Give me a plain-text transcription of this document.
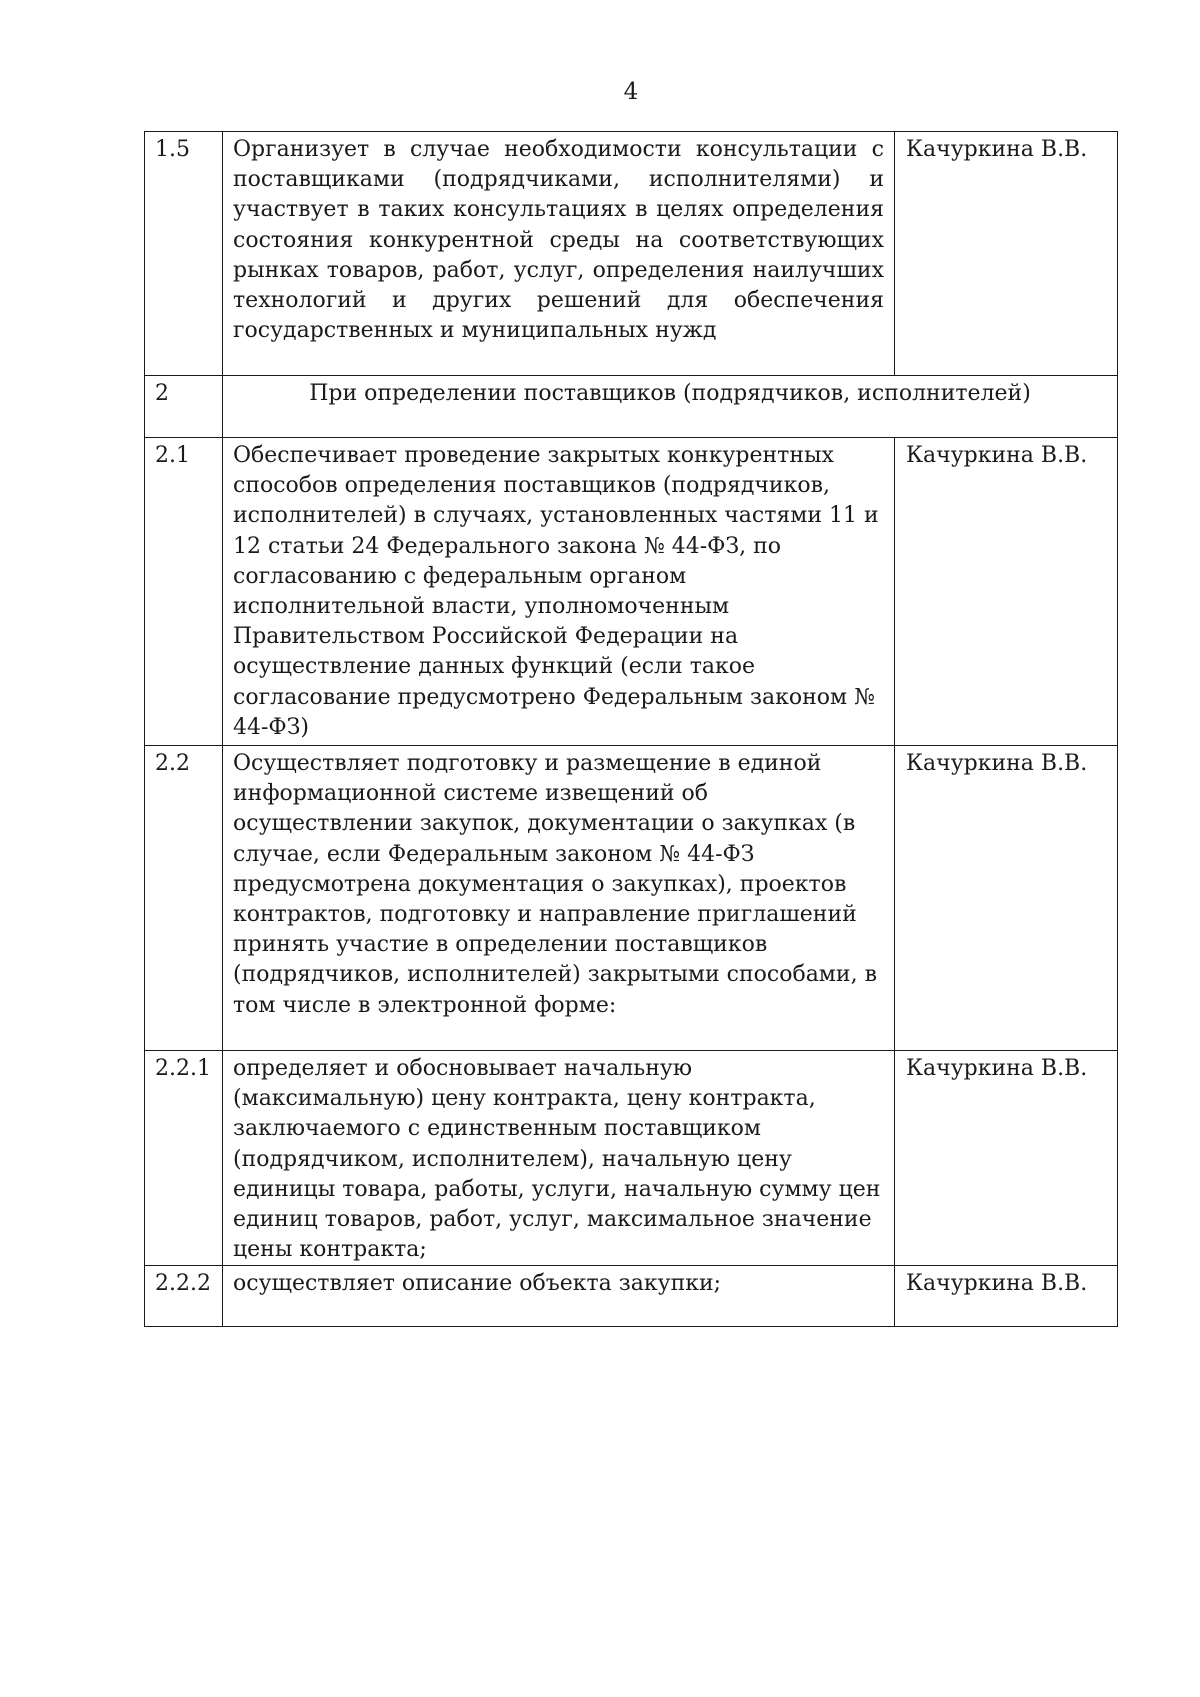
4
1.5	Организует в случае необходимости консультации с поставщиками (подрядчиками, исполнителями) и участвует в таких консультациях в целях определения состояния конкурентной среды на соответствующих рынках товаров, работ, услуг, определения наилучших технологий и других решений для обеспечения государственных и муниципальных нужд	Качуркина В.В.
2	При определении поставщиков (подрядчиков, исполнителей)	
2.1	Обеспечивает проведение закрытых конкурентных способов определения поставщиков (подрядчиков, исполнителей) в случаях, установленных частями 11 и 12 статьи 24 Федерального закона № 44-ФЗ, по согласованию с федеральным органом исполнительной власти, уполномоченным Правительством Российской Федерации на осуществление данных функций (если такое согласование предусмотрено Федеральным законом № 44-ФЗ)	Качуркина В.В.
2.2	Осуществляет подготовку и размещение в единой информационной системе извещений об осуществлении закупок, документации о закупках (в случае, если Федеральным законом № 44-ФЗ предусмотрена документация о закупках), проектов контрактов, подготовку и направление приглашений принять участие в определении поставщиков (подрядчиков, исполнителей) закрытыми способами, в том числе в электронной форме:	Качуркина В.В.
2.2.1	определяет и обосновывает начальную (максимальную) цену контракта, цену контракта, заключаемого с единственным поставщиком (подрядчиком, исполнителем), начальную цену единицы товара, работы, услуги, начальную сумму цен единиц товаров, работ, услуг, максимальное значение цены контракта;	Качуркина В.В.
2.2.2	осуществляет описание объекта закупки;	Качуркина В.В.
